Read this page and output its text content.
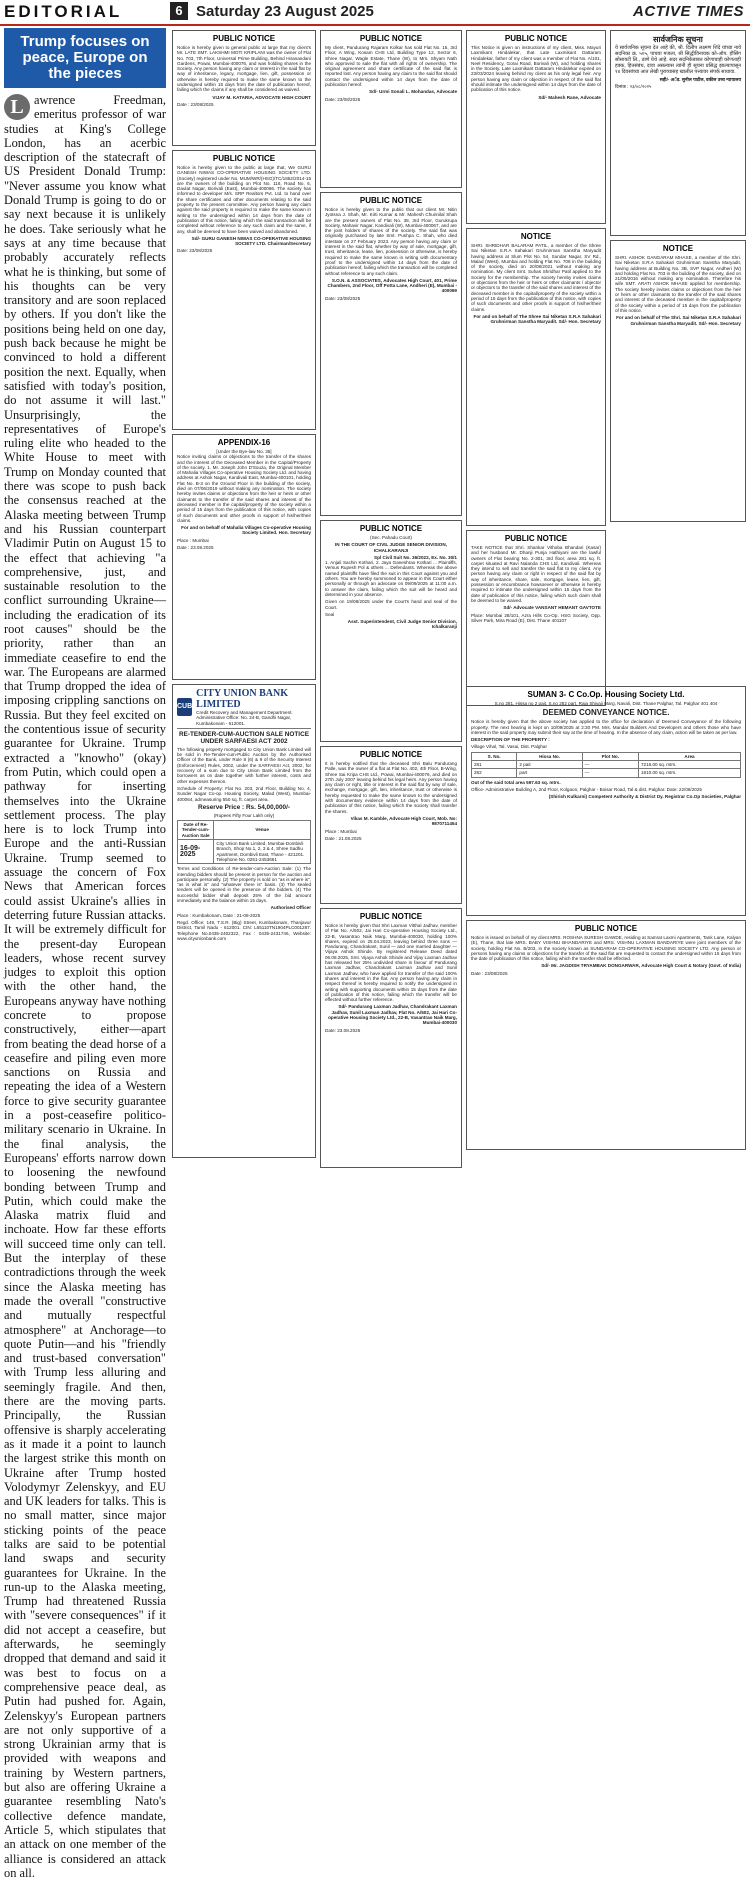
EDITORIAL	6 Saturday 23 August 2025	ACTIVE TIMES
Trump focuses on peace, Europe on the pieces
L awrence Freedman, emeritus professor of war studies at King's College London, has an acerbic description of the statecraft of US President Donald Trump: "Never assume you know what Donald Trump is going to do or say next because it is unlikely he does. Take seriously what he says at any time because that probably accurately reflects what he is thinking, but some of his thoughts can be very transitory and are soon replaced by others. If you don't like the positions being held on one day, push back because he might be convinced to hold a different position the next. Equally, when satisfied with today's position, do not assume it will last." Unsurprisingly, the representatives of Europe's ruling elite who headed to the White House to meet with Trump on Monday counted that there was scope to push back the consensus reached at the Alaska meeting between Trump and his Russian counterpart Vladimir Putin on August 15 to the effect that achieving "a comprehensive, just, and sustainable resolution to the conflict surrounding Ukraine—including the eradication of its root causes" should be the priority, rather than an immediate ceasefire to end the war. The Europeans are alarmed that Trump dropped the idea of imposing crippling sanctions on Russia. But they feel excited on the contentious issue of security guarantee for Ukraine. Trump extracted a "knowho" (okay) from Putin, which could open a pathway for inserting themselves into the Ukraine settlement process. The play here is to lock Trump into Europe and the anti-Russian Ukraine. Trump seemed to assuage the concern of Fox News that American forces could assist Ukraine's allies in deterring future Russian attacks. It will be extremely difficult for the present-day European leaders, whose recent survey judges to exploit this option with the other hand, the Europeans anyway have nothing concrete to propose constructively, either—apart from beating the dead horse of a ceasefire and piling even more sanctions on Russia and repeating the idea of a Western force to give security guarantee in a post-ceasefire politico-military scenario in Ukraine. In the final analysis, the Europeans' efforts narrow down to loosening the newfound bonding between Trump and Putin, which could make the Alaska matrix fluid and inchoate. How far these efforts will succeed time only can tell. But the interplay of these contradictions through the week since the Alaska meeting has made the overall "constructive and mutually respectful atmosphere" at Anchorage—to quote Putin—and his "friendly and trust-based conversation" with Trump less alluring and seemingly fragile. And then, there are the moving parts. Principally, the Russian offensive is sharply accelerating as it made it a point to launch the largest strike this month on Ukraine after Trump hosted Volodymyr Zelenskyy, and EU and UK leaders for talks. This is no small matter, since major sticking points of the peace talks are said to be potential land swaps and security guarantees for Ukraine. In the run-up to the Alaska meeting, Trump had threatened Russia with "severe consequences" if it did not accept a ceasefire, but afterwards, he seemingly dropped that demand and said it was best to focus on a comprehensive peace deal, as Putin had pushed for. Again, Zelenskyy's European partners are not only supportive of a strong Ukrainian army that is provided with weapons and training by Western partners, but also are offering Ukraine a guarantee resembling Nato's collective defence mandate, Article 5, which stipulates that an attack on one member of the alliance is considered an attack on all.
PUBLIC NOTICE
Notice is hereby given to general public at large that my client's Mr. LATE SMT. LAKSHMI MOTI KRIPLANI was the owner of Flat No. 703, 7th Floor, Universal Prime Building, Behind Hiranandani Gardens, Powai, Mumbai-400076, and was holding shares in the Society. Any person having any claim or interest in the said flat by way of inheritance, legacy, mortgage, lien, gift, possession or otherwise is hereby required to make the same known to the undersigned within 15 days from the date of publication hereof, failing which the claims if any shall be considered as waived.
VIJAY M. KATARIA, ADVOCATE HIGH COURT
Date : 23/08/2025
PUBLIC NOTICE
Notice is hereby given to the public at large that, We GURU GANESH NIWAS CO-OPERATIVE HOUSING SOCIETY LTD. (Society) registered under No. MUM/WR/(HSG)/TC/1852/2014-15 are the owners of the building on Plot No. 116, Road No. 6, Daulat Nagar, Borivali (East), Mumbai-400066. The society has informed to developer M/s. SRP Realtors Pvt. Ltd. to hand over the share certificates and other documents relating to the said property to the present committee. Any person having any claim against the said property is required to make the same known in writing to the undersigned within 14 days from the date of publication of this notice, failing which the said transaction will be completed without reference to any such claim and the same, if any, shall be deemed to have been waived and abandoned.
Sd/- GURU GANESH NIWAS CO-OPERATIVE HOUSING SOCIETY LTD. Chairman/Secretary
Date: 23/08/2025
APPENDIX-16
[Under the Bye-law No. 35]
Notice inviting claims or objections to the transfer of the shares and the interest of the Deceased Member in the Capital/Property of the society. 1. Mr. Joseph John D'Souza, the Original Member of Mahalia Villages Co-operative Housing Society Ltd. and having address at Ashok Nagar, Kandivali East, Mumbai-400101, holding Flat No. B-3 on the Ground Floor in the building of the society, died on 07/06/2019 without making any nomination. The society hereby invites claims or objections from the heir or heirs or other claimants to the transfer of the said shares and interest of the deceased member in the capital/property of the society within a period of 15 days from the publication of this notice, with copies of such documents and other proofs in support of his/her/their claims.
For and on behalf of Mahalia Villages Co-operative Housing Society Limited. Hon. Secretary
Place : Mumbai
Date : 23.08.2025
CUB
CITY UNION BANK LIMITED
Credit Recovery and Management Department. Administrative Office: No. 24-B, Gandhi Nagar, Kumbakonam - 612001.
RE-TENDER-CUM-AUCTION SALE NOTICE UNDER SARFAESI ACT 2002
The following property mortgaged to City Union Bank Limited will be sold in Re-Tender-cum-Public Auction by the Authorised Officer of the Bank, under Rule 8 (6) & 9 of the Security Interest (Enforcement) Rules, 2002, under the SARFAESI Act, 2002, for recovery of a sum due to City Union Bank Limited from the borrowers as on date together with further interest, costs and other expenses thereon.
Schedule of Property: Flat No. 203, 2nd Floor, Building No. 4, Sunder Nagar Co-op. Housing Society, Malad (West), Mumbai-400064, admeasuring 550 sq. ft. carpet area.
Reserve Price : Rs. 54,00,000/-
(Rupees Fifty Four Lakh only)
Date of Re-Tender-cum-Auction Sale	Venue
16-09-2025	City Union Bank Limited, Mumbai-Dombivli Branch, Shop No.1, 2, 3 & 4, Shree Sadhu Apartment, Dombivli East, Thane - 421201. Telephone No. 0251-2453661
Terms and Conditions of Re-tender-cum-Auction Sale: (1) The intending bidders should be present in person for the auction and participate personally. (2) The property is sold on "as is where is", "as is what is" and "whatever there is" basis. (3) The sealed tenders will be opened in the presence of the bidders. (4) The successful bidder shall deposit 25% of the bid amount immediately and the balance within 15 days.
Authorised Officer
Place : Kumbakonam, Date : 21-08-2025
Regd. Office: 149, T.S.R. (Big) Street, Kumbakonam, Thanjavur District, Tamil Nadu - 612001. CIN: L65110TN1904PLC001287. Telephone No.0435-2402322, Fax : 0435-2431746, Website: www.cityunionbank.com
PUBLIC NOTICE
My client, Pandurang Rajaram Kolkar has sold Flat No. 15, 3rd Floor, A Wing, Kosam CHS Ltd, Building Type 12, Sector 6, Shree Nagar, Wagle Estate, Thane (W), to Mrs. Shyam Nath who approved to sale the flat with all rights of ownership. The original agreement and share certificate of the said flat is reported lost. Any person having any claim to the said flat should contact the undersigned within 14 days from the date of publication hereof.
Sd/- Urmi Sonali L. Mohandas, Advocate
Date: 23/08/2025
PUBLIC NOTICE
Notice is hereby given to the public that our client Mr. Nitin Jyotsna J. Shah, Mr. Kirti Kumar & Mr. Mahesh Chunnilal Shah are the present owners of Flat No. 38, 3rd Floor, Gurukrupa Society, Mahavir Nagar, Kandivali (W), Mumbai-400067, and are the joint holders of shares of the society. The said flat was originally purchased by late Smt. Pushpa C. Shah, who died intestate on 27 February 2023. Any person having any claim or interest in the said flat, whether by way of sale, mortgage, gift, trust, inheritance, lease, lien, possession or otherwise, is hereby required to make the same known in writing with documentary proof to the undersigned within 14 days from the date of publication hereof, failing which the transaction will be completed without reference to any such claim.
S.O.N. & ASSOCIATES, Advocates High Court, 401, Prime Chambers, 2nd Floor, Off Potta Lane, Andheri (E), Mumbai - 400069
Date: 23/08/2025
PUBLIC NOTICE
(Sec. Pahadu Court)
IN THE COURT OF CIVIL JUDGE SENIOR DIVISION, ICHALKARANJI
Spl Civil Suit No. 36/2022, Ex. No. 30/1
1. Anjali Sachin Kothari, 2. Jaya Ganeshrao Kothari ... Plaintiffs, Versus Rupesh Pol & others ... Defendants. Whereas the above named plaintiffs have filed the suit in this Court against you and others. You are hereby summoned to appear in this Court either personally or through an advocate on 09/09/2025 at 11:00 a.m. to answer the claim, failing which the suit will be heard and determined in your absence.
Given on 19/08/2025 under the Court's hand and seal of the Court.
Seal
Asst. Superintendent, Civil Judge Senior Division, Ichalkaranji
PUBLIC NOTICE
It is hereby notified that the deceased Shri Balu Pandurang Patle, was the owner of a flat at Flat No. 402, 4th Floor, B-Wing, Shree Sai Kripa CHS Ltd., Powai, Mumbai-400076, and died on 27th July 2007 leaving behind his legal heirs. Any person having any claim or right, title or interest in the said flat by way of sale, exchange, mortgage, gift, lien, inheritance, trust or otherwise is hereby requested to make the same known to the undersigned with documentary evidence within 14 days from the date of publication of this notice, failing which the society shall transfer the shares.
Vikas M. Kamble, Advocate High Court, Mob. No: 9870711454
Place : Mumbai
Date : 21.08.2025
PUBLIC NOTICE
Notice is hereby given that Shri Laxman Vitthal Jadhav, member of Flat No. A/502, Jai Hari Co-operative Housing Society Ltd., 22-B, Vasantrao Naik Marg, Mumbai-400030, holding 100% shares, expired on 25.04.2023, leaving behind three sons — Pandurang, Chandrakant, Sunil — and one married daughter — Vijaya Ashok Shinde. By registered Release Deed dated 06.08.2025, Smt. Vijaya Ashok Shinde and Vijay Laxman Jadhav has released her 25% undivided share in favour of Pandurang Laxman Jadhav, Chandrakant Laxman Jadhav and Sunil Laxman Jadhav, who have applied for transfer of the said 100% shares and interest in the flat. Any person having any claim in respect thereof is hereby required to notify the undersigned in writing with supporting documents within 15 days from the date of publication of this notice, failing which the transfer will be effected without further reference.
Sd/- Pandurang Laxman Jadhav, Chandrakant Laxman Jadhav, Sunil Laxman Jadhav, Flat No. A/502, Jai Hari Co-operative Housing Society Ltd., 22-B, Vasantrao Naik Marg, Mumbai-400030
Date: 23.08.2025
PUBLIC NOTICE
This Notice is given on instructions of my client, Miss. Mayuri Laxmikant Hindalekar, that Late Laxmikant Dattaram Hindalekar, father of my client was a member of Flat No. A/101, Neel Residency, Gorai Road, Borivali (W), and holding shares in the Society. Late Laxmikant Dattaram Hindalekar expired on 23/03/2024 leaving behind my client as his only legal heir. Any person having any claim or objection in respect of the said flat should intimate the undersigned within 14 days from the date of publication of this notice.
Sd/- Mahesh Rane, Advocate
NOTICE
SHRI. SHRIDHAR BALARAM PATIL, a member of the Shree Sai Niketan S.R.A Sahakari Gruhnirman Sanstha Maryadit having address at Slum Plot No. 54, Sundar Nagar, SV Rd., Malad (West), Mumbai and holding Flat No. 708 in the building of the society, died on 20/08/2021 without making any nomination. My client Smt. Suhas Shridhar Patil applied to the Society for the membership. The society hereby invites claims or objections from the heir or heirs or other claimants / objector or objectors to the transfer of the said shares and interest of the deceased member in the capital/property of the society within a period of 15 days from the publication of this notice, with copies of such documents and other proofs in support of his/her/their claims.
For and on behalf of The Shree Sai Niketan S.R.A Sahakari Gruhnirman Sanstha Maryadit. Sd/- Hon. Secretary
PUBLIC NOTICE
TAKE NOTICE that Shri. Shankar Vithoba Bhandari (Kasar) and her husband Mr. Dhanji Punja Hathiyani are the lawful owners of Flat bearing No. 2-301, 3rd floor, area 281 sq. ft. carpet situated at Ravi Nalanda CHS Ltd, Kandivali. Whereas they intend to sell and transfer the said flat to my client. Any person having any claim or right in respect of the said flat by way of inheritance, share, sale, mortgage, lease, lien, gift, possession or encumbrance howsoever or otherwise is hereby required to intimate the undersigned within 15 days from the date of publication of this notice, failing which such claim shall be deemed to be waived.
Sd/- Advocate VANSANT HEMANT GAVTOTE
Place: Mumbai 28/101, Azra Hills Co-Op. HSG Society, Opp. Silver Park, Mira Road (E), Dist. Thane 401107
सार्वजनिक सूचना
ये सार्वजनिक सूचना देत आहे की, श्री. दिलीप लक्ष्मण शिंदे यांच्या नावे सदनिका क्र. ५०५, पाचवा मजला, श्री सिद्धीविनायक को-ऑप. हौसिंग सोसायटी लि., ठाणे येथे आहे. सदर सदनिकेबाबत कोणाचाही कोणताही हक्क, हितसंबंध, दावा असल्यास त्यांनी ही सूचना प्रसिद्ध झाल्यापासून १४ दिवसांच्या आत लेखी पुराव्यासह खालील पत्त्यावर संपर्क साधावा.
सही/- अॅड. सुनील पाटील, वकील उच्च न्यायालय
दिनांक : २३/०८/२०२५
NOTICE
SHRI. ASHOK GANGARAM MHASE, a member of the Shri. Sai Niketan S.R.A Sahakari Gruhnirman Sanstha Maryadit, having address at Building No. 3B, SVP Nagar, Andheri (W) and holding Flat No. 703 in the building of the society, died on 21/05/2016 without making any nomination. Therefore his wife SMT. ARATI ASHOK MHASE applied for membership. The society hereby invites claims or objections from the heir or heirs or other claimants to the transfer of the said shares and interest of the deceased member in the capital/property of the society within a period of 15 days from the publication of this notice.
For and on behalf of The Shri. Sai Niketan S.R.A Sahakari Gruhnirman Sanstha Maryadit. Sd/- Hon. Secretary
SUMAN 3- C Co.Op. Housing Society Ltd.
S.no 281, Hissa no 2 pait, S.no 282 part, Raja Shivaji Marg, Navali, Dist. Thane Palghar, Tal. Palghar 401 404
DEEMED CONVEYANCE NOTICE.
Notice is hereby given that the above society has applied to the office for declaration of Deemed Conveyance of the following property. The next hearing is kept on 10/09/2025 at 2:30 PM. Mrs. Mandar Builders And Developers and others those who have interest in the said property may submit their say at the time of hearing. In the absence of any claim, action will be taken as per law.
DESCRIPTION OF THE PROPERTY :
Village Vihal, Tal. Vasai, Dist. Palghar
S. No.	Hissa No.	Plot No.	Area
281	2 pait	—	7216.00 sq. mtrs.
282	part	—	1810.00 sq. mtrs.
Out of the said total area 597.63 sq. mtrs.
Office- Administrative Building A, 2nd Floor, Kolgaon, Palghar - Boisar Road, Tal & dist. Palghar. Date: 22/08/2025
(Shirish Kulkarni) Competent Authority & District Dy. Registrar Co.Op Societies, Palghar
PUBLIC NOTICE
Notice is issued on behalf of my client MRS. ROSHNA SURESH GAWDE, residing at Samrat Laxmi Apartments, Tank Lane, Kalyan (E), Thane, that late MRS. BABY VISHNU BHANDARIYE and MRS. VISHNU LAXMAN BANDARIYE were joint members of the society, holding Flat No. B/203, in the society known as SUNDARAM CO-OPERATIVE HOUSING SOCIETY LTD. Any person or persons having any claims or objections for the transfer of the said flat are requested to contact the undersigned within 15 days from the date of publication of this notice, failing which the transfer shall be effected.
Sd/- Mr. JAGDISH TRYAMBAK DONGARWAR, Advocate High Court & Notary (Govt. of India)
Date : 23/08/2025
